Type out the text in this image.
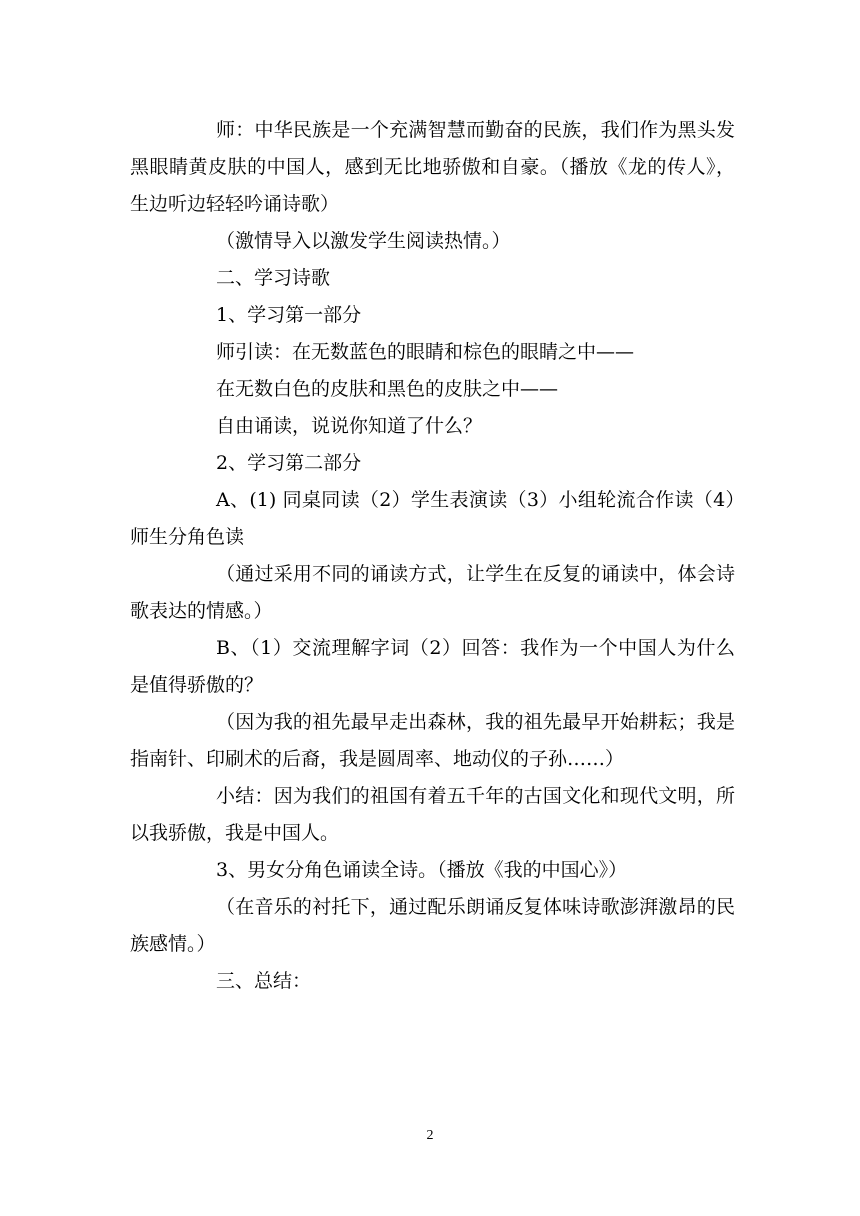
师：中华民族是一个充满智慧而勤奋的民族，我们作为黑头发黑眼睛黄皮肤的中国人，感到无比地骄傲和自豪。（播放《龙的传人》，生边听边轻轻吟诵诗歌）

（激情导入以激发学生阅读热情。）

二、学习诗歌

1、学习第一部分

师引读：在无数蓝色的眼睛和棕色的眼睛之中——

在无数白色的皮肤和黑色的皮肤之中——

自由诵读，说说你知道了什么？

2、学习第二部分

A、(1) 同桌同读（2）学生表演读（3）小组轮流合作读（4）师生分角色读

（通过采用不同的诵读方式，让学生在反复的诵读中，体会诗歌表达的情感。）

B、（1）交流理解字词（2）回答：我作为一个中国人为什么是值得骄傲的？

（因为我的祖先最早走出森林，我的祖先最早开始耕耘；我是指南针、印刷术的后裔，我是圆周率、地动仪的子孙……）

小结：因为我们的祖国有着五千年的古国文化和现代文明，所以我骄傲，我是中国人。

3、男女分角色诵读全诗。（播放《我的中国心》）

（在音乐的衬托下，通过配乐朗诵反复体味诗歌澎湃激昂的民族感情。）

三、总结：

2
